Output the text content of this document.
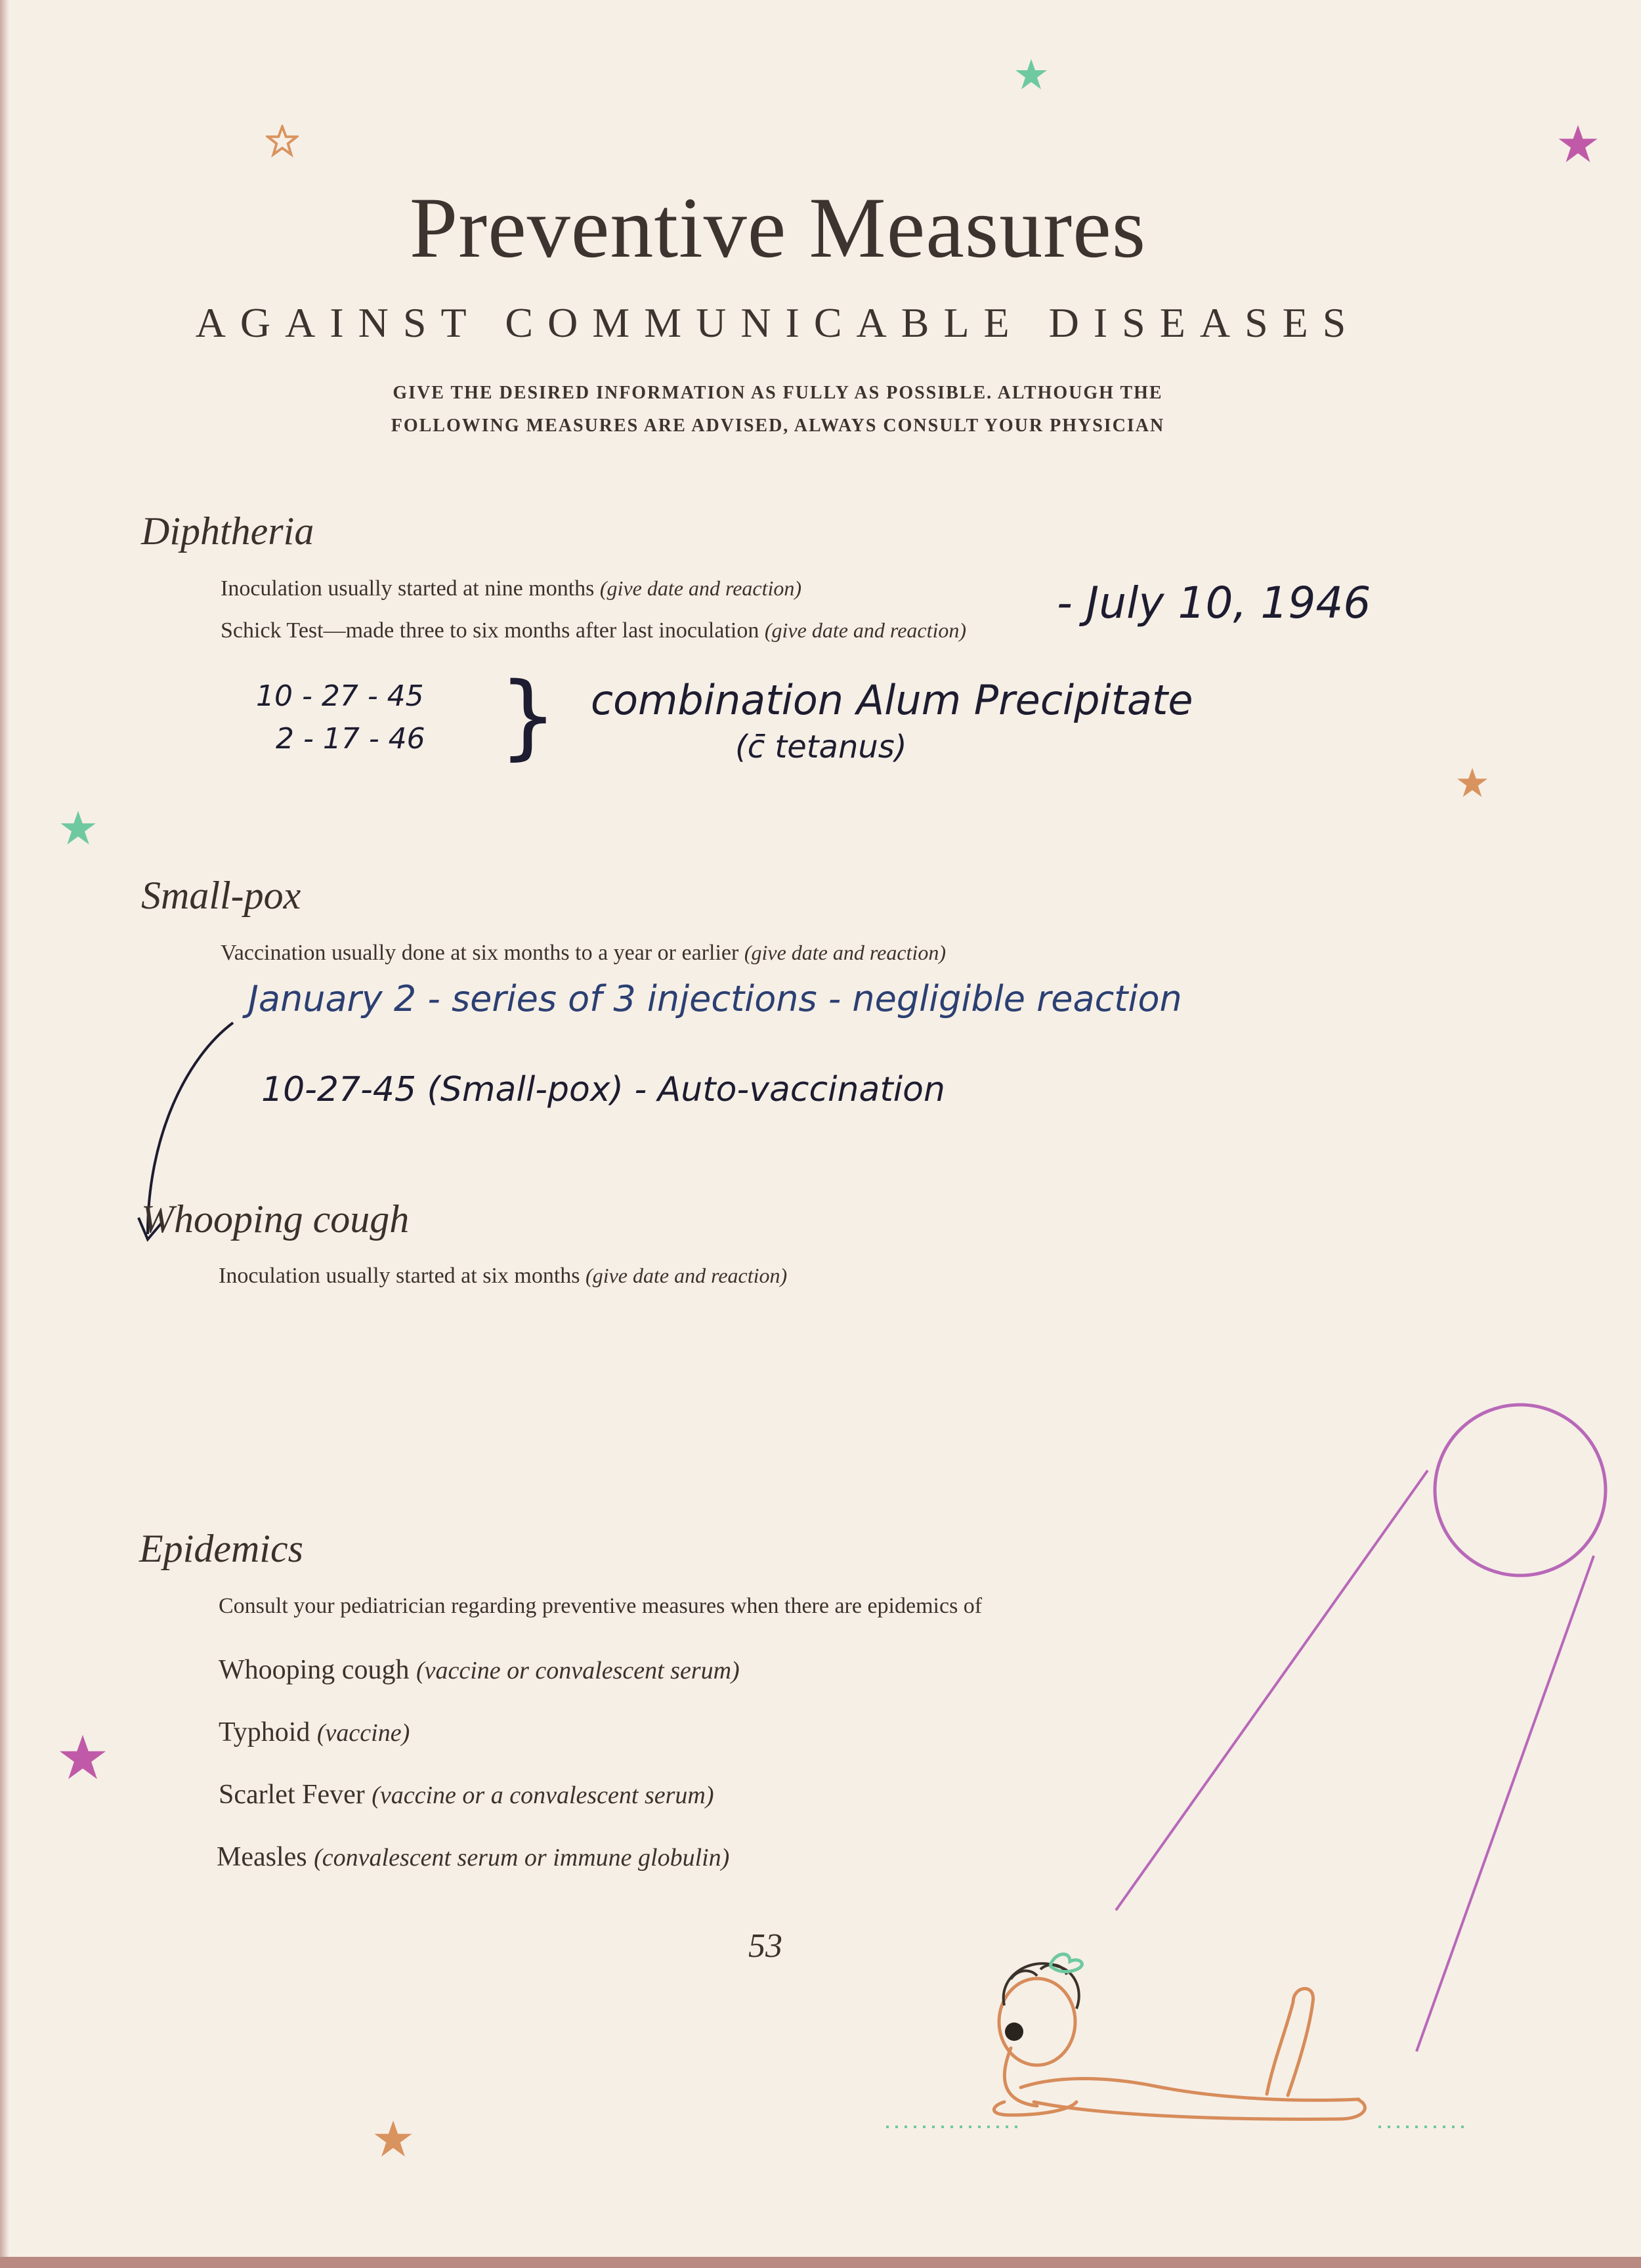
Preventive Measures
AGAINST COMMUNICABLE DISEASES
GIVE THE DESIRED INFORMATION AS FULLY AS POSSIBLE. ALTHOUGH THE
FOLLOWING MEASURES ARE ADVISED, ALWAYS CONSULT YOUR PHYSICIAN
Diphtheria
Inoculation usually started at nine months (give date and reaction)
Schick Test—made three to six months after last inoculation (give date and reaction)
- July 10, 1946
10 - 27 - 45
2 - 17 - 46 } combination Alum Precipitate
(c̄ tetanus)
Small-pox
Vaccination usually done at six months to a year or earlier (give date and reaction)
January 2 - series of 3 injections - negligible reaction
10-27-45 (Small-pox) - Auto-vaccination
Whooping cough
Inoculation usually started at six months (give date and reaction)
Epidemics
Consult your pediatrician regarding preventive measures when there are epidemics of
Whooping cough (vaccine or convalescent serum)
Typhoid (vaccine)
Scarlet Fever (vaccine or a convalescent serum)
Measles (convalescent serum or immune globulin)
53
